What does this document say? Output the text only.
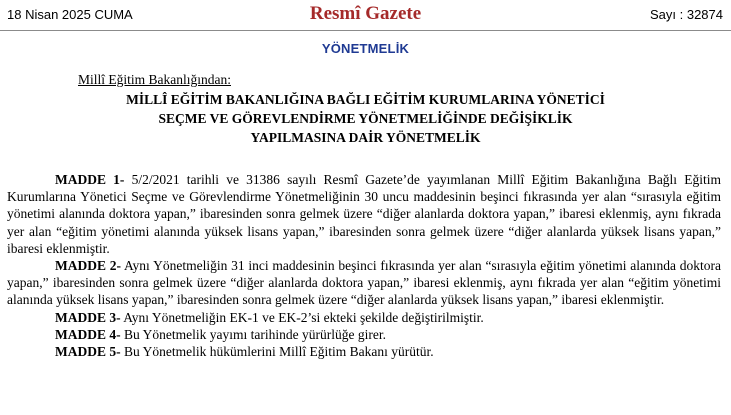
18 Nisan 2025 CUMA	Resmî Gazete	Sayı : 32874
YÖNETMELİK
Millî Eğitim Bakanlığından:
MİLLÎ EĞİTİM BAKANLIĞINA BAĞLI EĞİTİM KURUMLARINA YÖNETİCİ
SEÇME VE GÖREVLENDİRME YÖNETMELİĞİNDE DEĞİŞİKLİK
YAPILMASINA DAİR YÖNETMELİK

MADDE 1- 5/2/2021 tarihli ve 31386 sayılı Resmî Gazete’de yayımlanan Millî Eğitim Bakanlığına Bağlı Eğitim Kurumlarına Yönetici Seçme ve Görevlendirme Yönetmeliğinin 30 uncu maddesinin beşinci fıkrasında yer alan “sırasıyla eğitim yönetimi alanında doktora yapan,” ibaresinden sonra gelmek üzere “diğer alanlarda doktora yapan,” ibaresi eklenmiş, aynı fıkrada yer alan “eğitim yönetimi alanında yüksek lisans yapan,” ibaresinden sonra gelmek üzere “diğer alanlarda yüksek lisans yapan,” ibaresi eklenmiştir.

MADDE 2- Aynı Yönetmeliğin 31 inci maddesinin beşinci fıkrasında yer alan “sırasıyla eğitim yönetimi alanında doktora yapan,” ibaresinden sonra gelmek üzere “diğer alanlarda doktora yapan,” ibaresi eklenmiş, aynı fıkrada yer alan “eğitim yönetimi alanında yüksek lisans yapan,” ibaresinden sonra gelmek üzere “diğer alanlarda yüksek lisans yapan,” ibaresi eklenmiştir.

MADDE 3- Aynı Yönetmeliğin EK-1 ve EK-2’si ekteki şekilde değiştirilmiştir.

MADDE 4- Bu Yönetmelik yayımı tarihinde yürürlüğe girer.

MADDE 5- Bu Yönetmelik hükümlerini Millî Eğitim Bakanı yürütür.
